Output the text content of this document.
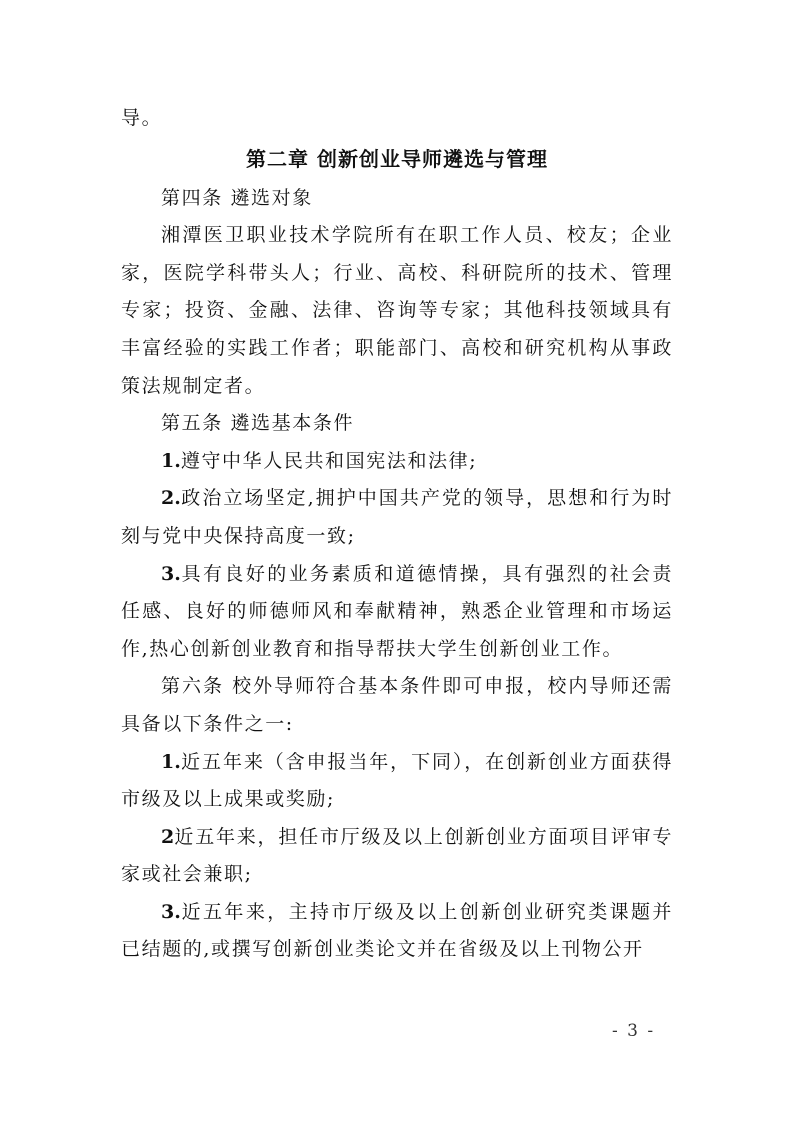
导。

第二章 创新创业导师遴选与管理

第四条 遴选对象

湘潭医卫职业技术学院所有在职工作人员、校友；企业家，医院学科带头人；行业、高校、科研院所的技术、管理专家；投资、金融、法律、咨询等专家；其他科技领域具有丰富经验的实践工作者；职能部门、高校和研究机构从事政策法规制定者。

第五条 遴选基本条件

1.遵守中华人民共和国宪法和法律;

2.政治立场坚定,拥护中国共产党的领导，思想和行为时刻与党中央保持高度一致;

3.具有良好的业务素质和道德情操，具有强烈的社会责任感、良好的师德师风和奉献精神，熟悉企业管理和市场运作,热心创新创业教育和指导帮扶大学生创新创业工作。

第六条 校外导师符合基本条件即可申报，校内导师还需具备以下条件之一:

1.近五年来（含申报当年，下同），在创新创业方面获得市级及以上成果或奖励;

2近五年来，担任市厅级及以上创新创业方面项目评审专家或社会兼职;

3.近五年来，主持市厅级及以上创新创业研究类课题并已结题的,或撰写创新创业类论文并在省级及以上刊物公开

- 3 -
